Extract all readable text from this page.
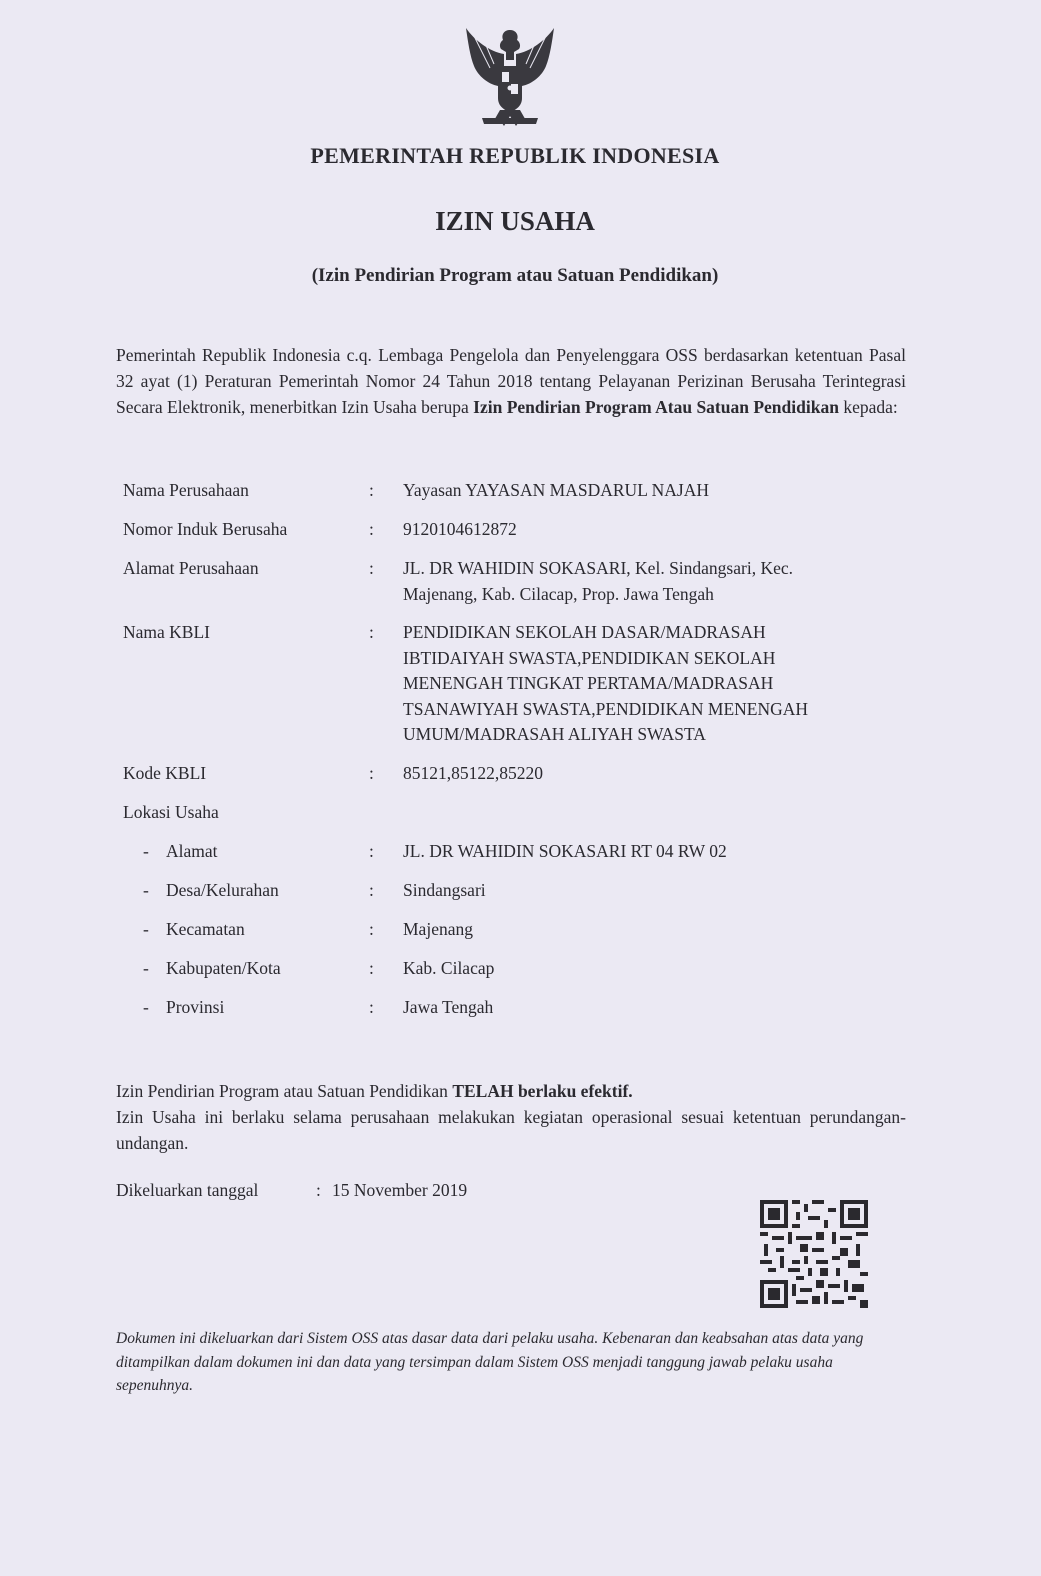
PEMERINTAH REPUBLIK INDONESIA
IZIN USAHA
(Izin Pendirian Program atau Satuan Pendidikan)
Pemerintah Republik Indonesia c.q. Lembaga Pengelola dan Penyelenggara OSS berdasarkan ketentuan Pasal 32 ayat (1) Peraturan Pemerintah Nomor 24 Tahun 2018 tentang Pelayanan Perizinan Berusaha Terintegrasi Secara Elektronik, menerbitkan Izin Usaha berupa Izin Pendirian Program Atau Satuan Pendidikan kepada:
Nama Perusahaan	: Yayasan YAYASAN MASDARUL NAJAH
Nomor Induk Berusaha	: 9120104612872
Alamat Perusahaan	: JL. DR WAHIDIN SOKASARI, Kel. Sindangsari, Kec.
Majenang, Kab. Cilacap, Prop. Jawa Tengah
Nama KBLI	: PENDIDIKAN SEKOLAH DASAR/MADRASAH
IBTIDAIYAH SWASTA,PENDIDIKAN SEKOLAH
MENENGAH TINGKAT PERTAMA/MADRASAH
TSANAWIYAH SWASTA,PENDIDIKAN MENENGAH
UMUM/MADRASAH ALIYAH SWASTA
Kode KBLI	: 85121,85122,85220
Lokasi Usaha
- Alamat	: JL. DR WAHIDIN SOKASARI RT 04 RW 02
- Desa/Kelurahan	: Sindangsari
- Kecamatan	: Majenang
- Kabupaten/Kota	: Kab. Cilacap
- Provinsi	: Jawa Tengah
Izin Pendirian Program atau Satuan Pendidikan TELAH berlaku efektif.
Izin Usaha ini berlaku selama perusahaan melakukan kegiatan operasional sesuai ketentuan perundangan-undangan.
Dikeluarkan tanggal	: 15 November 2019
Dokumen ini dikeluarkan dari Sistem OSS atas dasar data dari pelaku usaha. Kebenaran dan keabsahan atas data yang ditampilkan dalam dokumen ini dan data yang tersimpan dalam Sistem OSS menjadi tanggung jawab pelaku usaha sepenuhnya.
